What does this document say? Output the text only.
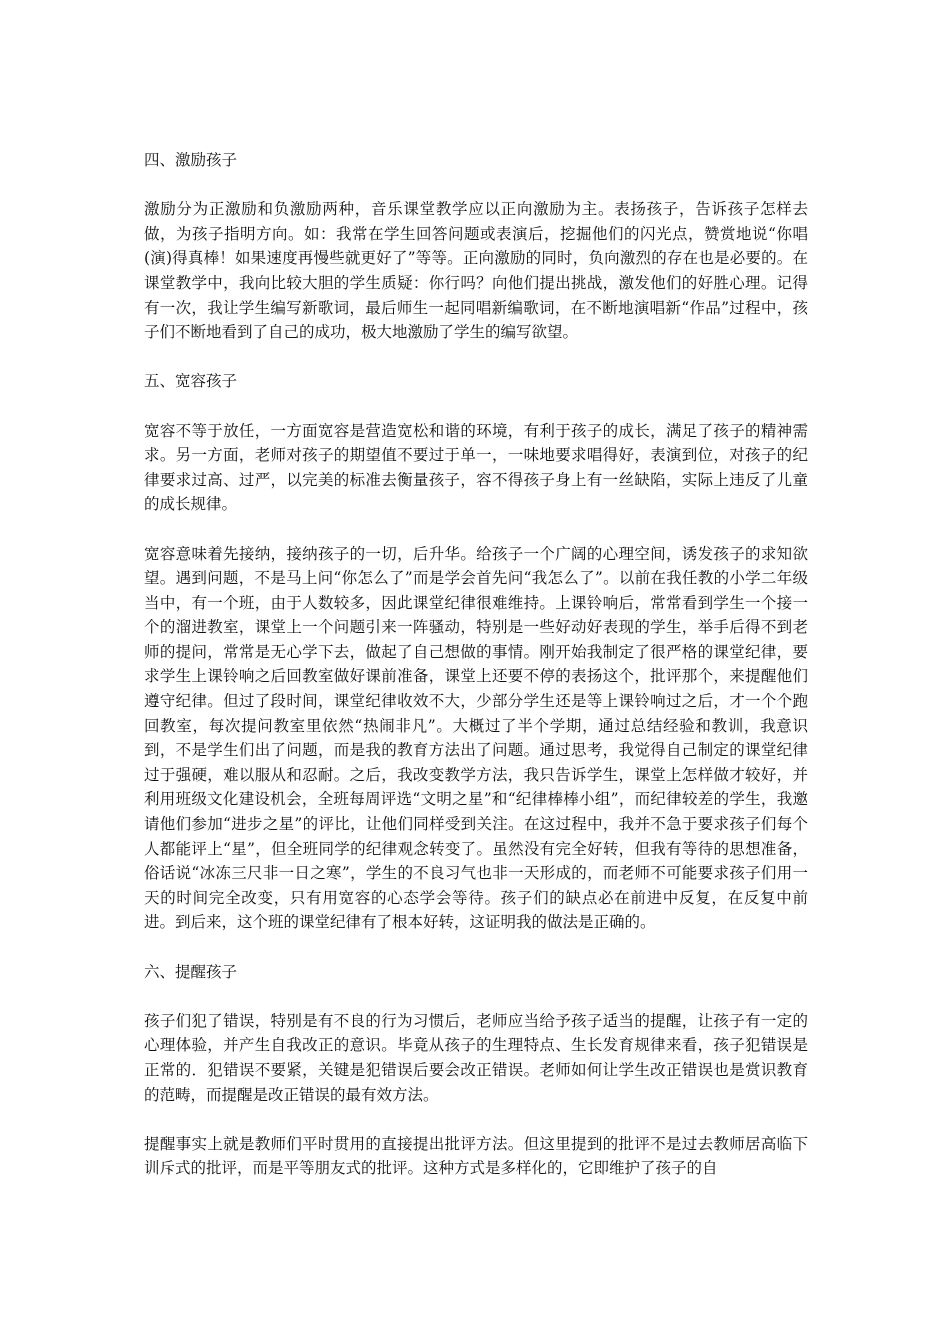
四、激励孩子
激励分为正激励和负激励两种，音乐课堂教学应以正向激励为主。表扬孩子，告诉孩子怎样去做，为孩子指明方向。如：我常在学生回答问题或表演后，挖掘他们的闪光点，赞赏地说“你唱(演)得真棒！如果速度再慢些就更好了”等等。正向激励的同时，负向激烈的存在也是必要的。在课堂教学中，我向比较大胆的学生质疑：你行吗？向他们提出挑战，激发他们的好胜心理。记得有一次，我让学生编写新歌词，最后师生一起同唱新编歌词，在不断地演唱新“作品”过程中，孩子们不断地看到了自己的成功，极大地激励了学生的编写欲望。
五、宽容孩子
宽容不等于放任，一方面宽容是营造宽松和谐的环境，有利于孩子的成长，满足了孩子的精神需求。另一方面，老师对孩子的期望值不要过于单一，一味地要求唱得好，表演到位，对孩子的纪律要求过高、过严，以完美的标准去衡量孩子，容不得孩子身上有一丝缺陷，实际上违反了儿童的成长规律。
宽容意味着先接纳，接纳孩子的一切，后升华。给孩子一个广阔的心理空间，诱发孩子的求知欲望。遇到问题，不是马上问“你怎么了”而是学会首先问“我怎么了”。以前在我任教的小学二年级当中，有一个班，由于人数较多，因此课堂纪律很难维持。上课铃响后，常常看到学生一个接一个的溜进教室，课堂上一个问题引来一阵骚动，特别是一些好动好表现的学生，举手后得不到老师的提问，常常是无心学下去，做起了自己想做的事情。刚开始我制定了很严格的课堂纪律，要求学生上课铃响之后回教室做好课前准备，课堂上还要不停的表扬这个，批评那个，来提醒他们遵守纪律。但过了段时间，课堂纪律收效不大，少部分学生还是等上课铃响过之后，才一个个跑回教室，每次提问教室里依然“热闹非凡”。大概过了半个学期，通过总结经验和教训，我意识到，不是学生们出了问题，而是我的教育方法出了问题。通过思考，我觉得自己制定的课堂纪律过于强硬，难以服从和忍耐。之后，我改变教学方法，我只告诉学生，课堂上怎样做才较好，并利用班级文化建设机会，全班每周评选“文明之星”和“纪律棒棒小组”，而纪律较差的学生，我邀请他们参加“进步之星”的评比，让他们同样受到关注。在这过程中，我并不急于要求孩子们每个人都能评上“星”，但全班同学的纪律观念转变了。虽然没有完全好转，但我有等待的思想准备，俗话说“冰冻三尺非一日之寒”，学生的不良习气也非一天形成的，而老师不可能要求孩子们用一天的时间完全改变，只有用宽容的心态学会等待。孩子们的缺点必在前进中反复，在反复中前进。到后来，这个班的课堂纪律有了根本好转，这证明我的做法是正确的。
六、提醒孩子
孩子们犯了错误，特别是有不良的行为习惯后，老师应当给予孩子适当的提醒，让孩子有一定的心理体验，并产生自我改正的意识。毕竟从孩子的生理特点、生长发育规律来看，孩子犯错误是正常的．犯错误不要紧，关键是犯错误后要会改正错误。老师如何让学生改正错误也是赏识教育的范畴，而提醒是改正错误的最有效方法。
提醒事实上就是教师们平时贯用的直接提出批评方法。但这里提到的批评不是过去教师居高临下训斥式的批评，而是平等朋友式的批评。这种方式是多样化的，它即维护了孩子的自
